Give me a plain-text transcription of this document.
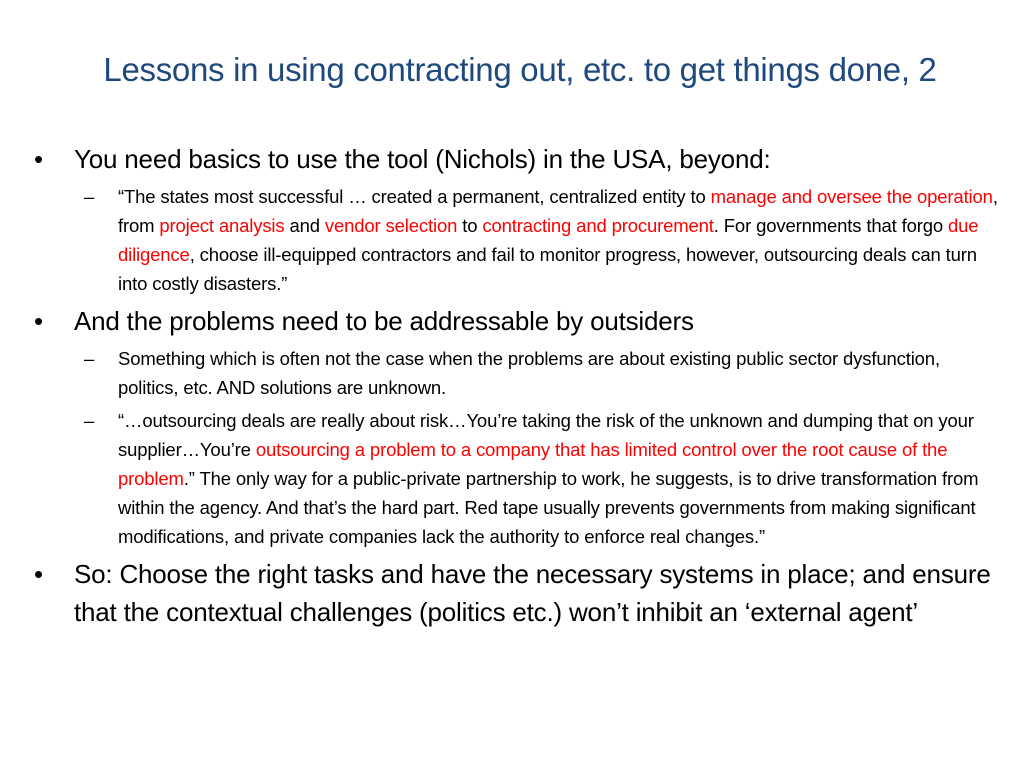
Lessons in using contracting out, etc. to get things done, 2
• You need basics to use the tool (Nichols) in the USA, beyond:
– “The states most successful … created a permanent, centralized entity to manage and oversee the operation, from project analysis and vendor selection to contracting and procurement. For governments that forgo due diligence, choose ill-equipped contractors and fail to monitor progress, however, outsourcing deals can turn into costly disasters.”
• And the problems need to be addressable by outsiders
– Something which is often not the case when the problems are about existing public sector dysfunction, politics, etc. AND solutions are unknown.
– “…outsourcing deals are really about risk…You’re taking the risk of the unknown and dumping that on your supplier…You’re outsourcing a problem to a company that has limited control over the root cause of the problem.” The only way for a public-private partnership to work, he suggests, is to drive transformation from within the agency. And that’s the hard part. Red tape usually prevents governments from making significant modifications, and private companies lack the authority to enforce real changes.”
• So: Choose the right tasks and have the necessary systems in place; and ensure that the contextual challenges (politics etc.) won’t inhibit an ‘external agent’
